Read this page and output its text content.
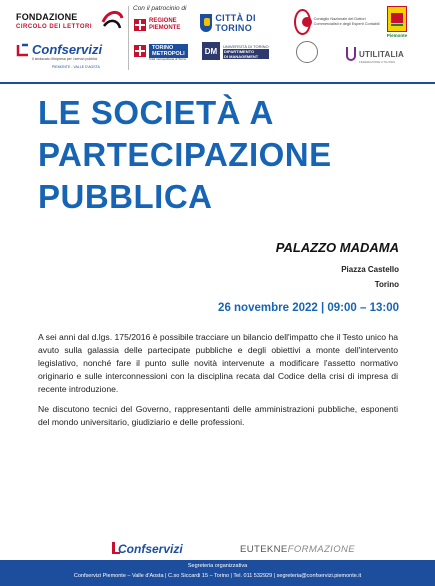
FONDAZIONE
CIRCOLO DEI LETTORI
Confservizi
Il sindacato d'impresa per i servizi pubblici
PIEMONTE - VALLE D'AOSTA
Con il patrocinio di
REGIONE
PIEMONTE
TORINO
METROPOLI
Città metropolitana di Torino
CITTÀ DI TORINO
DM
UNIVERSITÀ DI TORINO
DIPARTIMENTO
DI MANAGEMENT
Consiglio Nazionale dei Dottori Commercialisti e degli Esperti Contabili
Piemonte
UTILITALIA
FEDERAZIONE UTILITIES
LE SOCIETÀ A
PARTECIPAZIONE
PUBBLICA
PALAZZO MADAMA
Piazza Castello
Torino
26 novembre 2022 | 09:00 – 13:00

A sei anni dal d.lgs. 175/2016 è possibile tracciare un bilancio dell'impatto che il Testo unico ha avuto sulla galassia delle partecipate pubbliche e degli obiettivi a monte dell'intervento legislativo, nonché fare il punto sulle novità intervenute a modificare l'assetto normativo originario e sulle interconnessioni con la disciplina recata dal Codice della crisi di impresa di recente introduzione.

Ne discutono tecnici del Governo, rappresentanti delle amministrazioni pubbliche, esponenti del mondo universitario, giudiziario e delle professioni.

Confservizi	EUTEKNEFORMAZIONE
Segreteria organizzativa
Confservizi Piemonte – Valle d'Aosta | C.so Siccardi 15 – Torino | Tel. 011 532929 | segreteria@confservizi.piemonte.it
